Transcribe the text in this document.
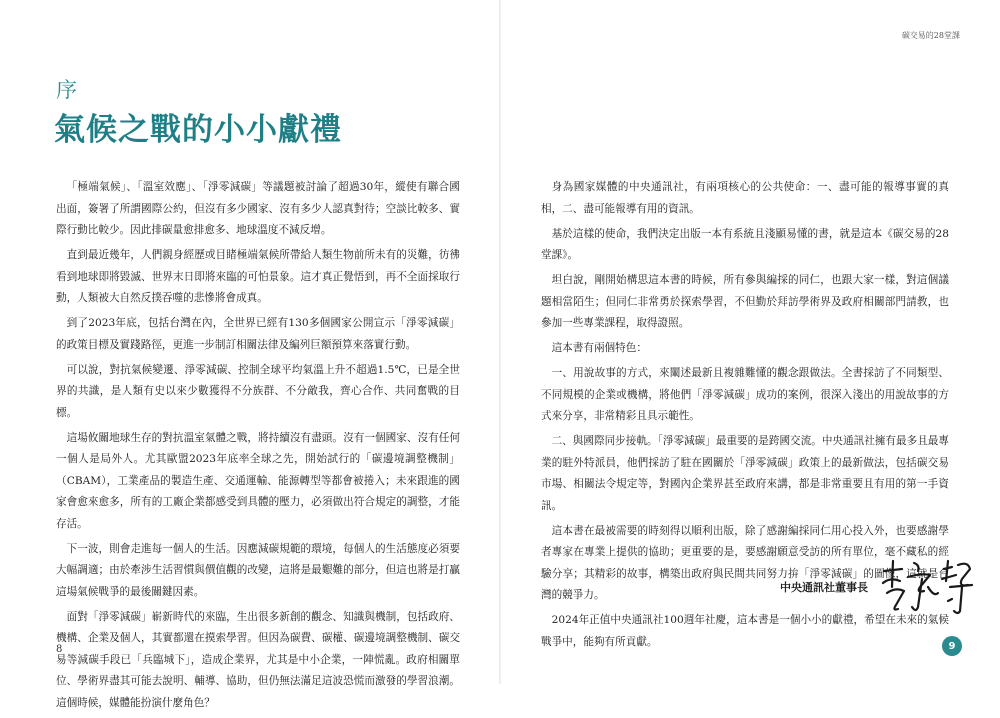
碳交易的28堂課
序
氣候之戰的小小獻禮

「極端氣候」、「溫室效應」、「淨零減碳」等議題被討論了超過30年，縱使有聯合國出面，簽署了所謂國際公約，但沒有多少國家、沒有多少人認真對待；空談比較多、實際行動比較少。因此排碳量愈排愈多、地球溫度不減反增。

直到最近幾年，人們親身經歷或目睹極端氣候所帶給人類生物前所未有的災難，彷彿看到地球即將毀滅、世界末日即將來臨的可怕景象。這才真正覺悟到，再不全面採取行動，人類被大自然反撲吞噬的悲慘將會成真。

到了2023年底，包括台灣在內，全世界已經有130多個國家公開宣示「淨零減碳」的政策目標及實踐路徑，更進一步制訂相關法律及編列巨額預算來落實行動。

可以說，對抗氣候變遷、淨零減碳、控制全球平均氣溫上升不超過1.5℃，已是全世界的共識，是人類有史以來少數獲得不分族群、不分敵我，齊心合作、共同奮戰的目標。

這場攸關地球生存的對抗溫室氣體之戰，將持續沒有盡頭。沒有一個國家、沒有任何一個人是局外人。尤其歐盟2023年底率全球之先，開始試行的「碳邊境調整機制」（CBAM），工業產品的製造生產、交通運輸、能源轉型等都會被捲入；未來跟進的國家會愈來愈多，所有的工廠企業都感受到具體的壓力，必須做出符合規定的調整，才能存活。

下一波，則會走進每一個人的生活。因應減碳規範的環境，每個人的生活態度必須要大幅調適；由於牽涉生活習慣與價值觀的改變，這將是最艱難的部分，但這也將是打贏這場氣候戰爭的最後關鍵因素。

面對「淨零減碳」嶄新時代的來臨，生出很多新創的觀念、知識與機制，包括政府、機構、企業及個人，其實都還在摸索學習。但因為碳費、碳權、碳邊境調整機制、碳交易等減碳手段已「兵臨城下」，造成企業界，尤其是中小企業，一陣慌亂。政府相關單位、學術界盡其可能去說明、輔導、協助，但仍無法滿足這波恐慌而激發的學習浪潮。這個時候，媒體能扮演什麼角色？

身為國家媒體的中央通訊社，有兩項核心的公共使命：一、盡可能的報導事實的真相，二、盡可能報導有用的資訊。

基於這樣的使命，我們決定出版一本有系統且淺顯易懂的書，就是這本《碳交易的28堂課》。

坦白說，剛開始構思這本書的時候，所有參與編採的同仁，也跟大家一樣，對這個議題相當陌生；但同仁非常勇於探索學習，不但勤於拜訪學術界及政府相關部門請教，也參加一些專業課程，取得證照。

這本書有兩個特色：

一、用說故事的方式，來闡述最新且複雜難懂的觀念跟做法。全書採訪了不同類型、不同規模的企業或機構，將他們「淨零減碳」成功的案例，很深入淺出的用說故事的方式來分享，非常精彩且具示範性。

二、與國際同步接軌。「淨零減碳」最重要的是跨國交流。中央通訊社擁有最多且最專業的駐外特派員，他們採訪了駐在國關於「淨零減碳」政策上的最新做法，包括碳交易市場、相關法令規定等，對國內企業界甚至政府來講，都是非常重要且有用的第一手資訊。

這本書在最被需要的時刻得以順利出版，除了感謝編採同仁用心投入外，也要感謝學者專家在專業上提供的協助；更重要的是，要感謝願意受訪的所有單位，毫不藏私的經驗分享；其精彩的故事，構築出政府與民間共同努力拚「淨零減碳」的圖像，這就是台灣的競爭力。

2024年正值中央通訊社100週年社慶，這本書是一個小小的獻禮，希望在未來的氣候戰爭中，能夠有所貢獻。

中央通訊社董事長
8	9
